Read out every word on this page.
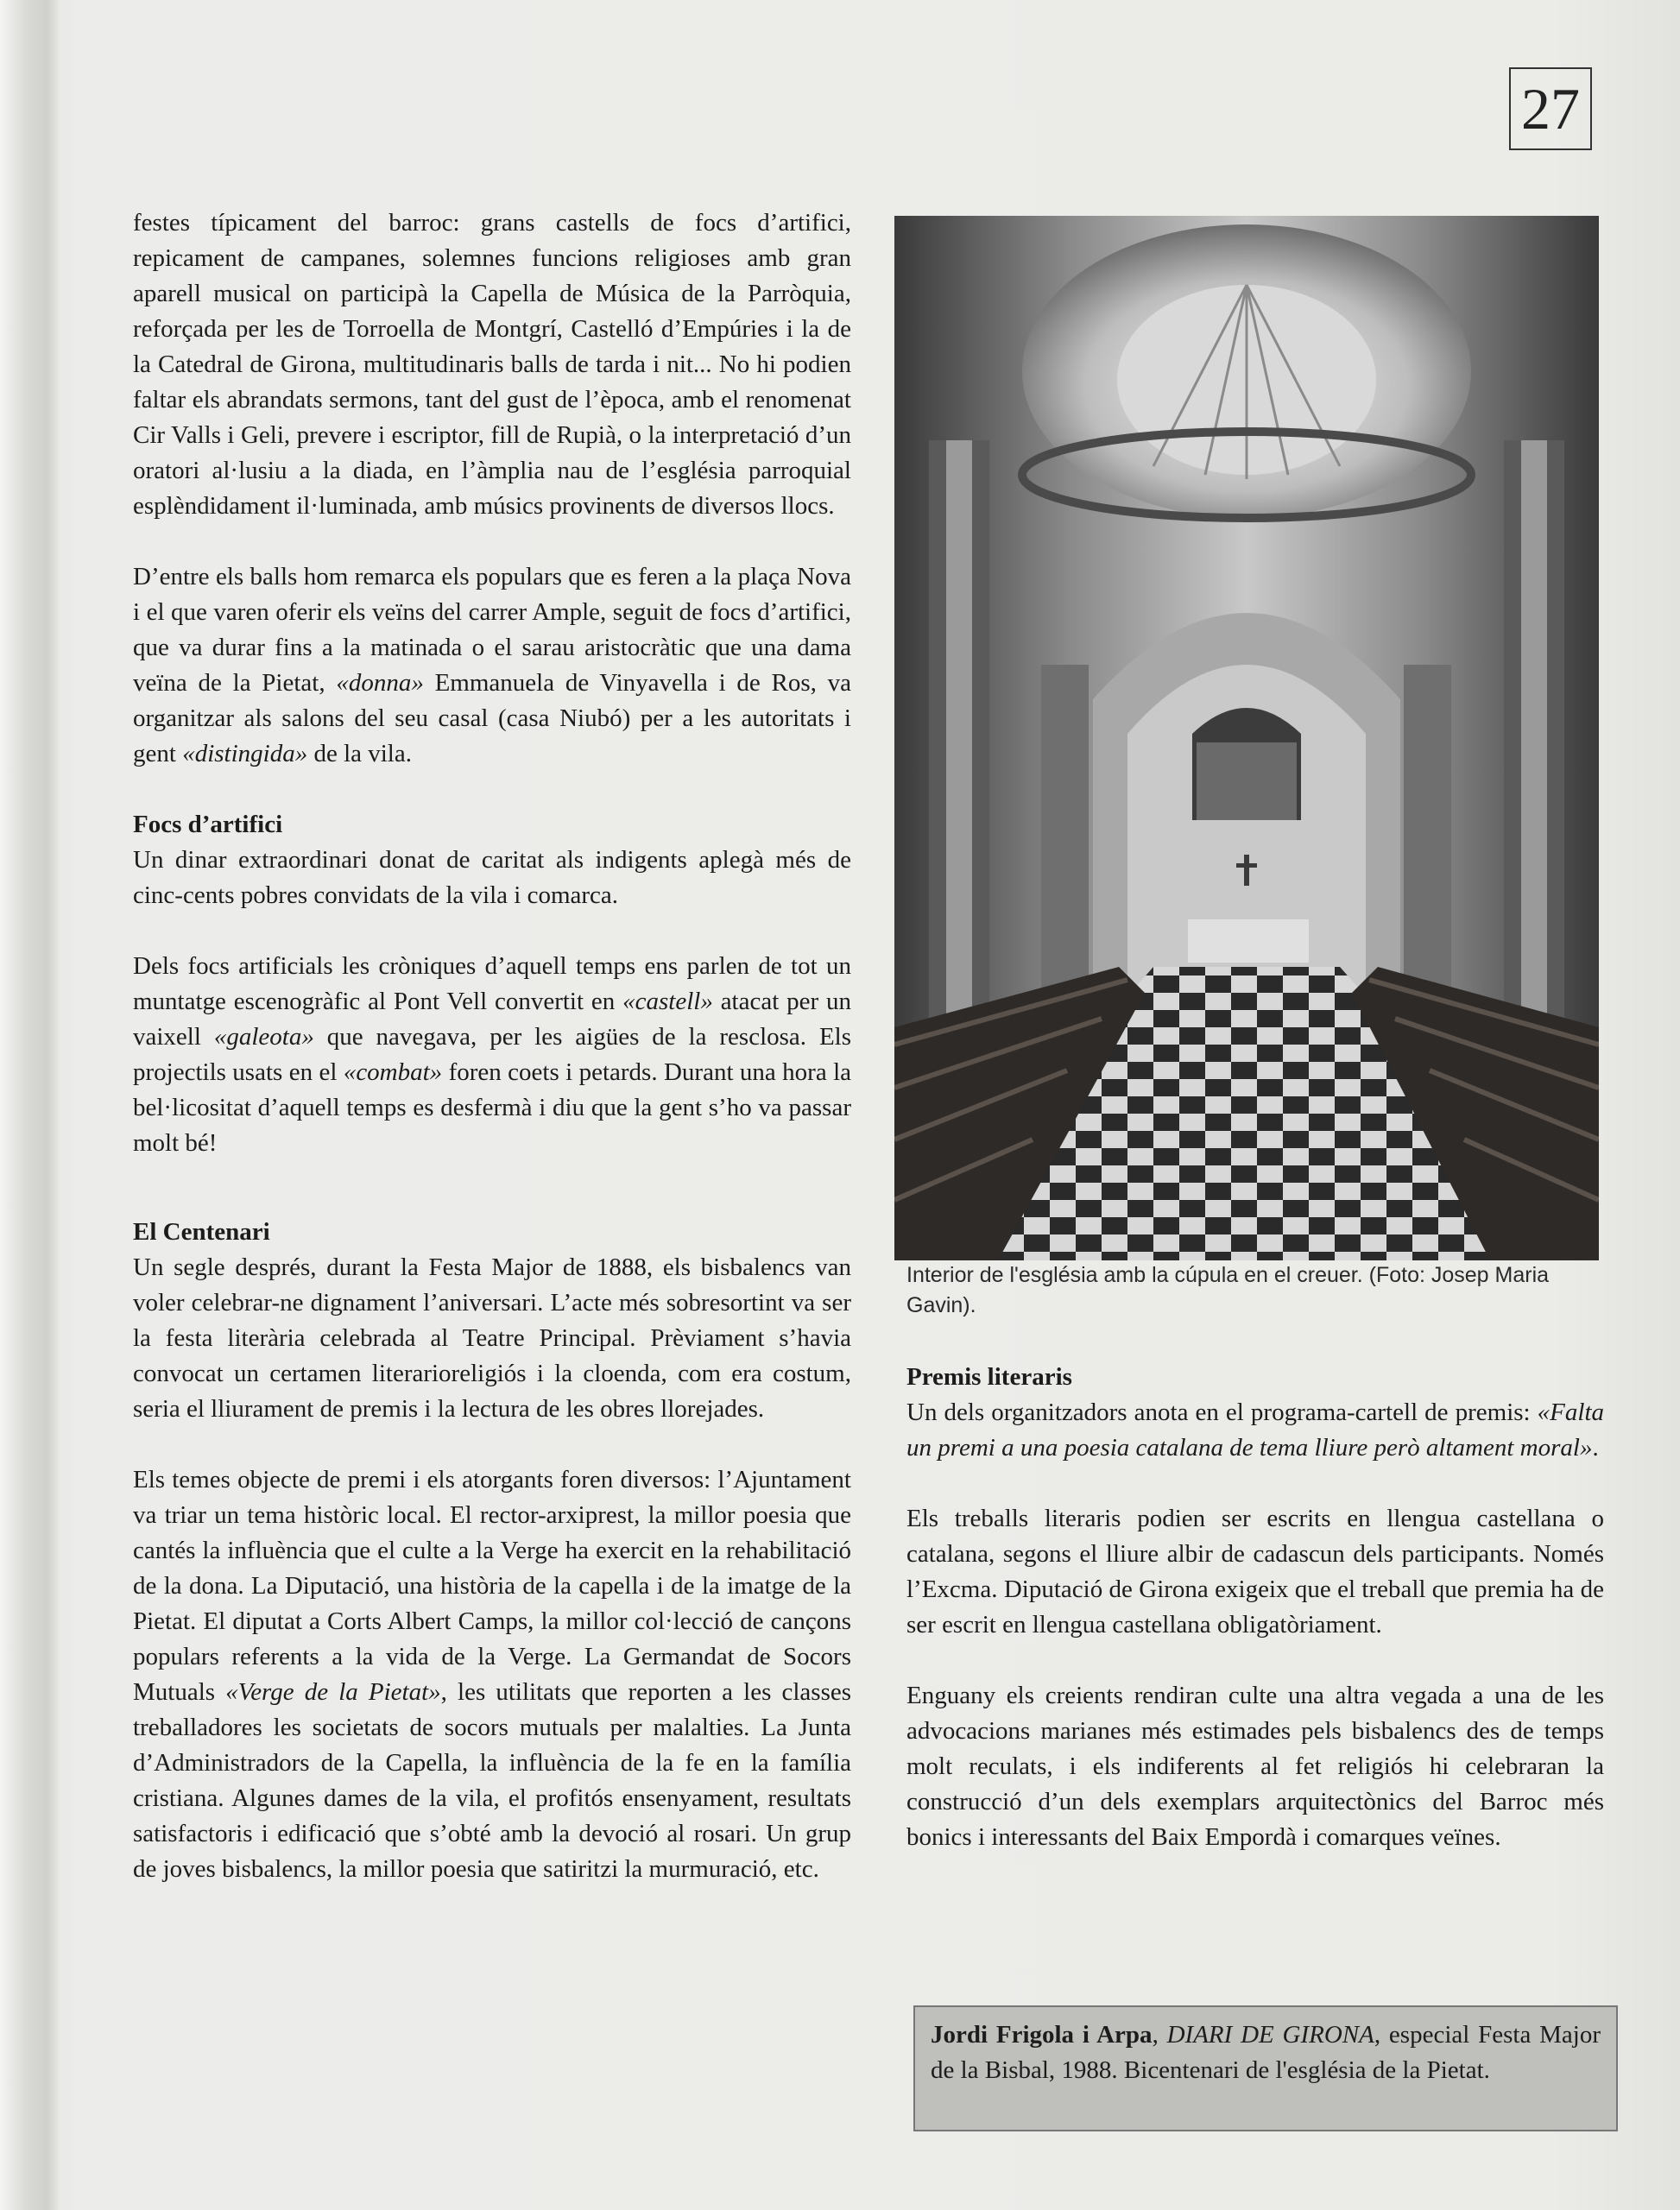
27

festes típicament del barroc: grans castells de focs d’artifici, repicament de campanes, solemnes funcions religioses amb gran aparell musical on participà la Capella de Música de la Parròquia, reforçada per les de Torroella de Montgrí, Castelló d’Empúries i la de la Catedral de Girona, multitudinaris balls de tarda i nit... No hi podien faltar els abrandats sermons, tant del gust de l’època, amb el renomenat Cir Valls i Geli, prevere i escriptor, fill de Rupià, o la interpretació d’un oratori al·lusiu a la diada, en l’àmplia nau de l’església parroquial esplèndidament il·luminada, amb músics provinents de diversos llocs.

D’entre els balls hom remarca els populars que es feren a la plaça Nova i el que varen oferir els veïns del carrer Ample, seguit de focs d’artifici, que va durar fins a la matinada o el sarau aristocràtic que una dama veïna de la Pietat, «donna» Emmanuela de Vinyavella i de Ros, va organitzar als salons del seu casal (casa Niubó) per a les autoritats i gent «distingida» de la vila.

Focs d’artifici

Un dinar extraordinari donat de caritat als indigents aplegà més de cinc-cents pobres convidats de la vila i comarca.

Dels focs artificials les cròniques d’aquell temps ens parlen de tot un muntatge escenogràfic al Pont Vell convertit en «castell» atacat per un vaixell «galeota» que navegava, per les aigües de la resclosa. Els projectils usats en el «combat» foren coets i petards. Durant una hora la bel·licositat d’aquell temps es desfermà i diu que la gent s’ho va passar molt bé!

El Centenari

Un segle després, durant la Festa Major de 1888, els bisbalencs van voler celebrar-ne dignament l’aniversari. L’acte més sobresortint va ser la festa literària celebrada al Teatre Principal. Prèviament s’havia convocat un certamen literarioreligiós i la cloenda, com era costum, seria el lliurament de premis i la lectura de les obres llorejades.

Els temes objecte de premi i els atorgants foren diversos: l’Ajuntament va triar un tema històric local. El rector-arxiprest, la millor poesia que cantés la influència que el culte a la Verge ha exercit en la rehabilitació de la dona. La Diputació, una història de la capella i de la imatge de la Pietat. El diputat a Corts Albert Camps, la millor col·lecció de cançons populars referents a la vida de la Verge. La Germandat de Socors Mutuals «Verge de la Pietat», les utilitats que reporten a les classes treballadores les societats de socors mutuals per malalties. La Junta d’Administradors de la Capella, la influència de la fe en la família cristiana. Algunes dames de la vila, el profitós ensenyament, resultats satisfactoris i edificació que s’obté amb la devoció al rosari. Un grup de joves bisbalencs, la millor poesia que satiritzi la murmuració, etc.

Interior de l'església amb la cúpula en el creuer. (Foto: Josep Maria Gavin).
Premis literaris

Un dels organitzadors anota en el programa-cartell de premis: «Falta un premi a una poesia catalana de tema lliure però altament moral».

Els treballs literaris podien ser escrits en llengua castellana o catalana, segons el lliure albir de cadascun dels participants. Només l’Excma. Diputació de Girona exigeix que el treball que premia ha de ser escrit en llengua castellana obligatòriament.

Enguany els creients rendiran culte una altra vegada a una de les advocacions marianes més estimades pels bisbalencs des de temps molt reculats, i els indiferents al fet religiós hi celebraran la construcció d’un dels exemplars arquitectònics del Barroc més bonics i interessants del Baix Empordà i comarques veïnes.

Jordi Frigola i Arpa, DIARI DE GIRONA, especial Festa Major de la Bisbal, 1988. Bicentenari de l'església de la Pietat.
